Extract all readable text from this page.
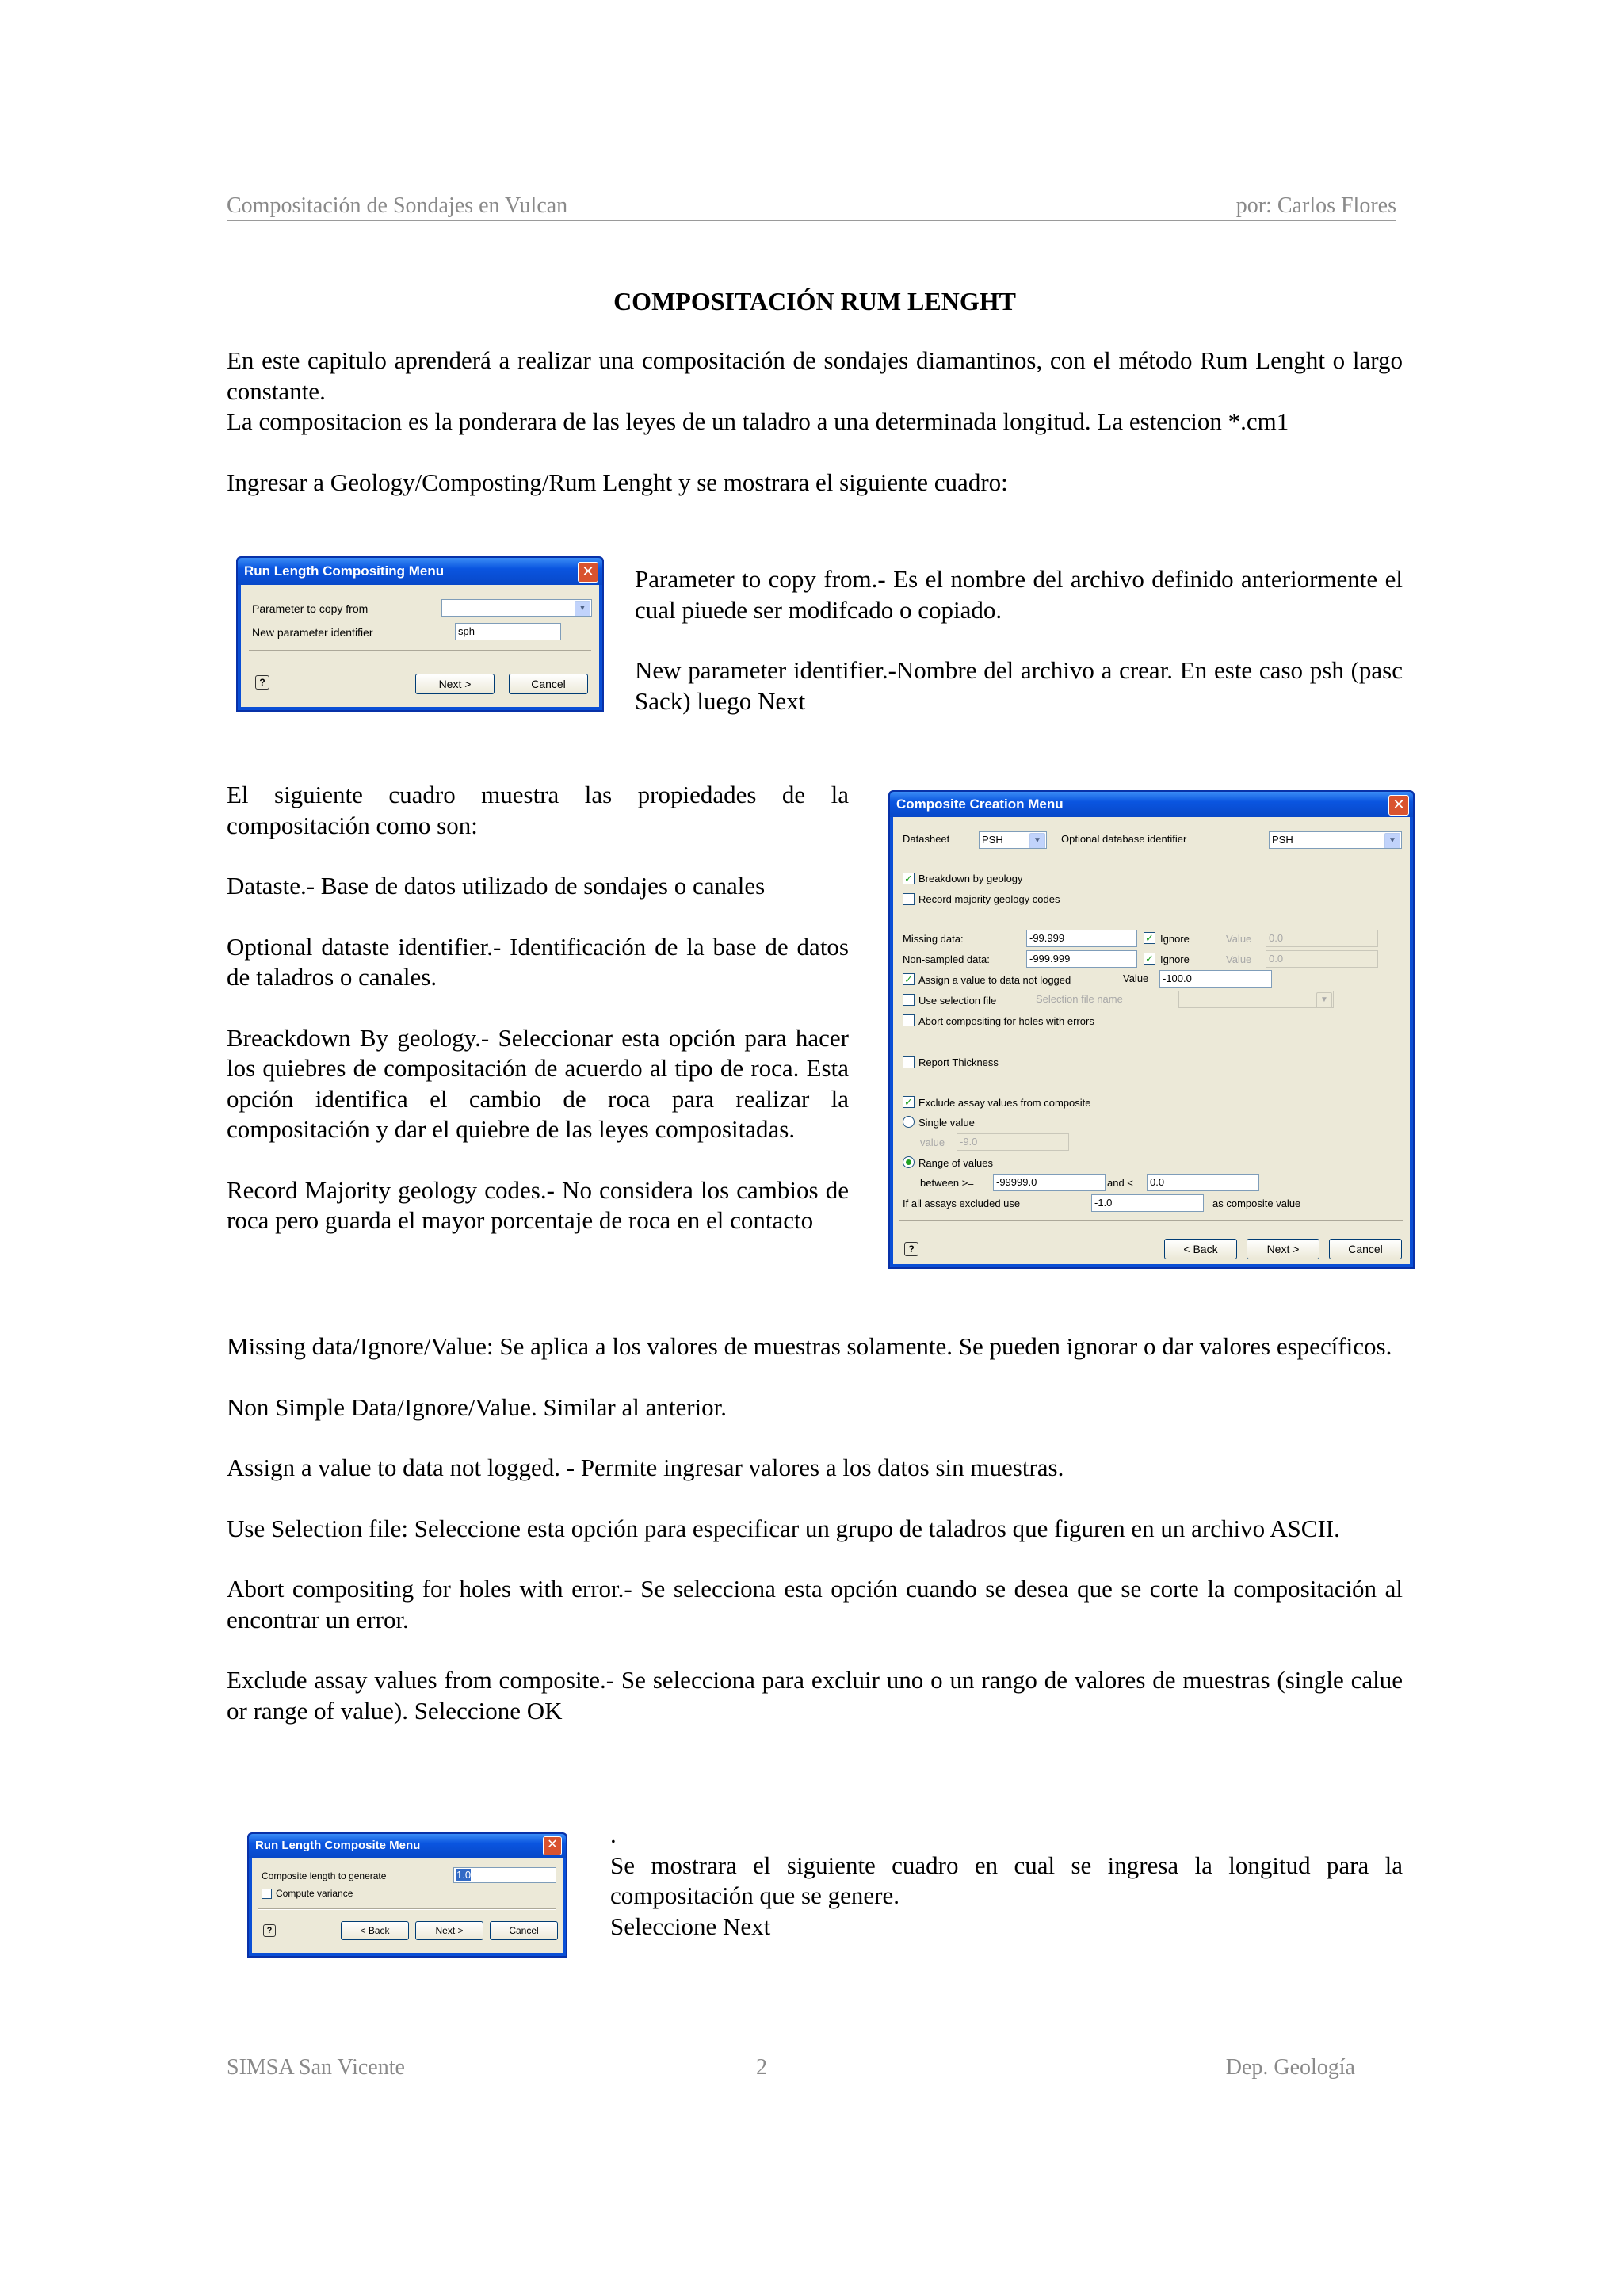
Compositación de Sondajes en Vulcan	por: Carlos Flores
COMPOSITACIÓN RUM LENGHT

En este capitulo aprenderá a realizar una compositación de sondajes diamantinos, con el método Rum Lenght o largo constante.

La compositacion es la ponderara de las leyes de un taladro a una determinada longitud. La estencion *.cm1

Ingresar a Geology/Composting/Rum Lenght y se mostrara el siguiente cuadro:

Run Length Compositing Menu	✕
Parameter to copy from	▼
New parameter identifier	sph
?	Next >	Cancel

Parameter to copy from.- Es el nombre del archivo definido anteriormente el cual piuede ser modifcado o copiado.

New parameter identifier.-Nombre del archivo a crear. En este caso psh (pasc Sack) luego Next

El siguiente cuadro muestra las propiedades de la compositación como son:

Dataste.- Base de datos utilizado de sondajes o canales

Optional dataste identifier.- Identificación de la base de datos de taladros o canales.

Breackdown By geology.- Seleccionar esta opción para hacer los quiebres de compositación de acuerdo al tipo de roca. Esta opción identifica el cambio de roca para realizar la compositación y dar el quiebre de las leyes compositadas.

Record Majority geology codes.- No considera los cambios de roca pero guarda el mayor porcentaje de roca en el contacto

Composite Creation Menu	✕
Datasheet	PSH	▼	Optional database identifier	PSH	▼
✓ Breakdown by geology
Record majority geology codes
Missing data:	-99.999	✓ Ignore	Value	0.0
Non-sampled data:	-999.999	✓ Ignore	Value	0.0
✓ Assign a value to data not logged	Value	-100.0
Use selection file	Selection file name	▼
Abort compositing for holes with errors
Report Thickness
✓ Exclude assay values from composite
Single value
value	-9.0
Range of values
between >=	-99999.0	and <	0.0
If all assays excluded use	-1.0	as composite value
?	< Back	Next >	Cancel

Missing data/Ignore/Value: Se aplica a los valores de muestras solamente. Se pueden ignorar o dar valores específicos.

Non Simple Data/Ignore/Value. Similar al anterior.

Assign a value to data not logged. - Permite ingresar valores a los datos sin muestras.

Use Selection file: Seleccione esta opción para especificar un grupo de taladros que figuren en un archivo ASCII.

Abort compositing for holes with error.- Se selecciona esta opción cuando se desea que se corte la compositación al encontrar un error.

Exclude assay values from composite.- Se selecciona para excluir uno o un rango de valores de muestras (single calue or range of value). Seleccione OK

Run Length Composite Menu	✕
Composite length to generate	1.0
Compute variance
?	< Back	Next >	Cancel

.

Se mostrara el siguiente cuadro en cual se ingresa la longitud para la compositación que se genere.

Seleccione Next

SIMSA San Vicente	2	Dep. Geología
